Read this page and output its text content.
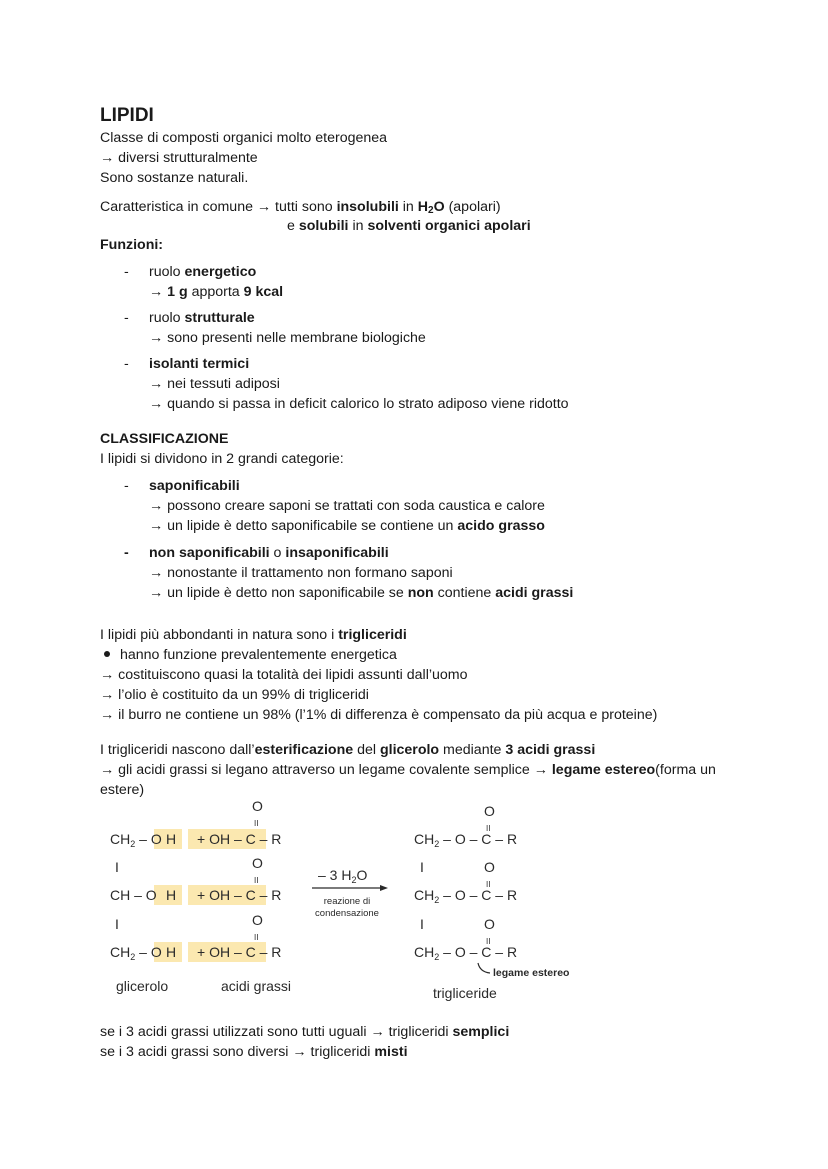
LIPIDI
Classe di composti organici molto eterogenea
→ diversi strutturalmente
Sono sostanze naturali.
Caratteristica in comune → tutti sono insolubili in $H_2O$ (apolari)
e solubili in solventi organici apolari
Funzioni:
- ruolo energetico
→ 1 g apporta 9 kcal
- ruolo strutturale
→ sono presenti nelle membrane biologiche
- isolanti termici
→ nei tessuti adiposi
→ quando si passa in deficit calorico lo strato adiposo viene ridotto
CLASSIFICAZIONE
I lipidi si dividono in 2 grandi categorie:
- saponificabili
→ possono creare saponi se trattati con soda caustica e calore
→ un lipide è detto saponificabile se contiene un acido grasso
- non saponificabili o insaponificabili
→ nonostante il trattamento non formano saponi
→ un lipide è detto non saponificabile se non contiene acidi grassi
I lipidi più abbondanti in natura sono i trigliceridi
hanno funzione prevalentemente energetica
→ costituiscono quasi la totalità dei lipidi assunti dall’uomo
→ l’olio è costituito da un 99% di trigliceridi
→ il burro ne contiene un 98% (l’1% di differenza è compensato da più acqua e proteine)
I trigliceridi nascono dall’esterificazione del glicerolo mediante 3 acidi grassi
→ gli acidi grassi si legano attraverso un legame covalente semplice → legame estereo(forma un
estere)
O
II
$CH_2$ – O H + OH – C – R
I	O
II
CH – O H + OH – C – R
I	O
II
$CH_2$ – O H + OH – C – R
glicerolo	acidi grassi
– 3 $H_2O$
reazione di
condensazione
O
II
$CH_2$ – O – C – R
I	O
II
$CH_2$ – O – C – R
I	O
II
$CH_2$ – O – C – R
legame estereo
trigliceride
se i 3 acidi grassi utilizzati sono tutti uguali → trigliceridi semplici
se i 3 acidi grassi sono diversi → trigliceridi misti
